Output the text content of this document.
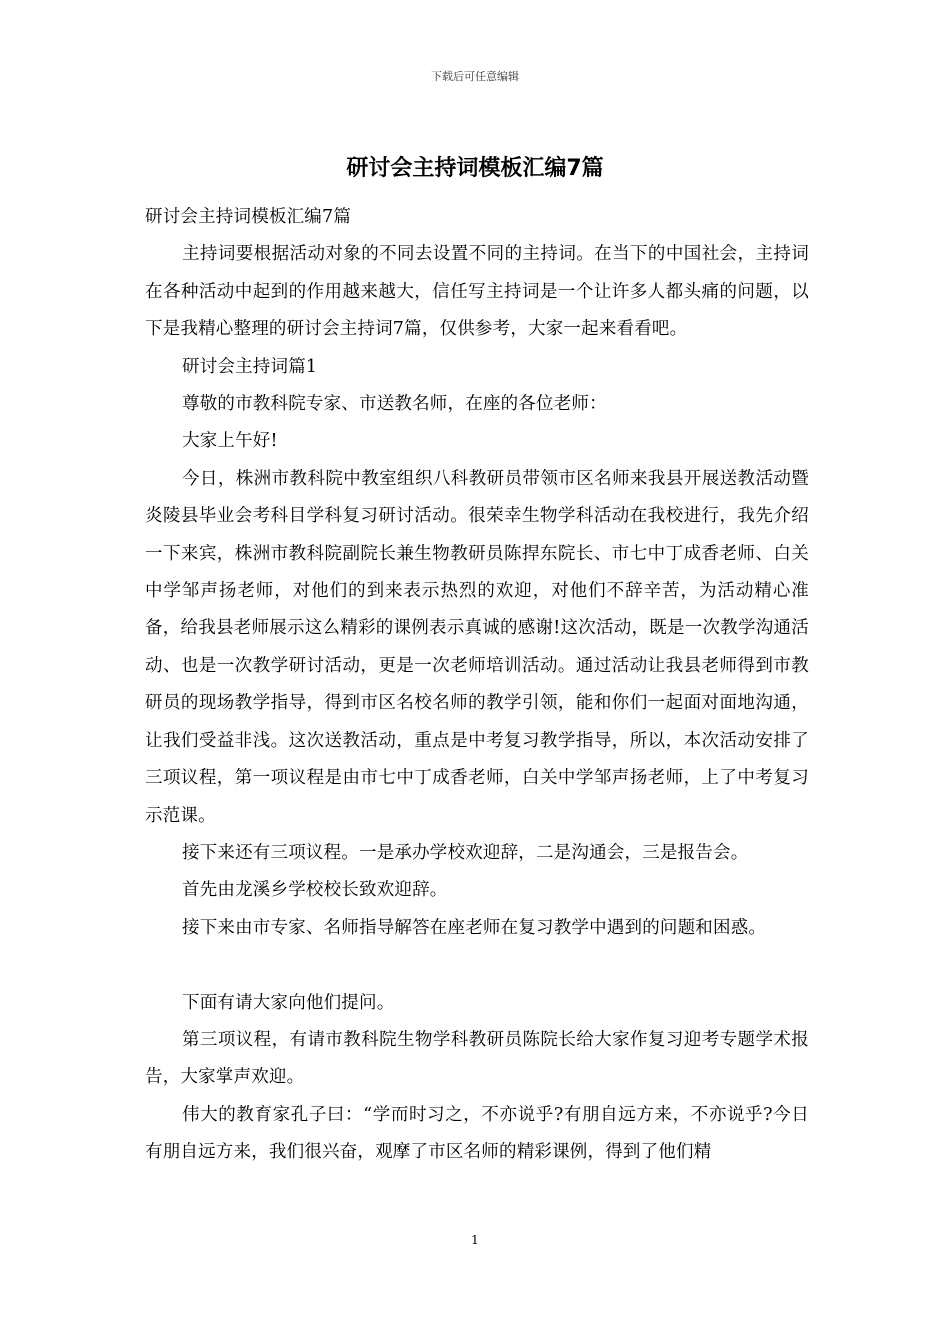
下载后可任意编辑
研讨会主持词模板汇编7篇

研讨会主持词模板汇编7篇

主持词要根据活动对象的不同去设置不同的主持词。在当下的中国社会，主持词在各种活动中起到的作用越来越大，信任写主持词是一个让许多人都头痛的问题，以下是我精心整理的研讨会主持词7篇，仅供参考，大家一起来看看吧。

研讨会主持词篇1

尊敬的市教科院专家、市送教名师，在座的各位老师：

大家上午好!

今日，株洲市教科院中教室组织八科教研员带领市区名师来我县开展送教活动暨炎陵县毕业会考科目学科复习研讨活动。很荣幸生物学科活动在我校进行，我先介绍一下来宾，株洲市教科院副院长兼生物教研员陈捍东院长、市七中丁成香老师、白关中学邹声扬老师，对他们的到来表示热烈的欢迎，对他们不辞辛苦，为活动精心准备，给我县老师展示这么精彩的课例表示真诚的感谢!这次活动，既是一次教学沟通活动、也是一次教学研讨活动，更是一次老师培训活动。通过活动让我县老师得到市教研员的现场教学指导，得到市区名校名师的教学引领，能和你们一起面对面地沟通，让我们受益非浅。这次送教活动，重点是中考复习教学指导，所以，本次活动安排了三项议程，第一项议程是由市七中丁成香老师，白关中学邹声扬老师，上了中考复习示范课。

接下来还有三项议程。一是承办学校欢迎辞，二是沟通会，三是报告会。

首先由龙溪乡学校校长致欢迎辞。

接下来由市专家、名师指导解答在座老师在复习教学中遇到的问题和困惑。

下面有请大家向他们提问。

第三项议程，有请市教科院生物学科教研员陈院长给大家作复习迎考专题学术报告，大家掌声欢迎。

伟大的教育家孔子曰：“学而时习之，不亦说乎?有朋自远方来，不亦说乎?今日有朋自远方来，我们很兴奋，观摩了市区名师的精彩课例，得到了他们精

1
